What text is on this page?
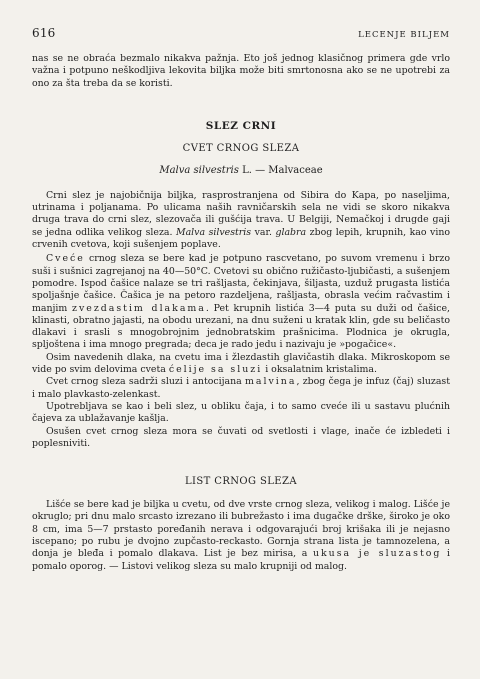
616	LECENJE BILJEM

nas se ne obraća bezmalo nikakva pažnja. Eto još jednog klasičnog primera gde vrlo važna i potpuno neškodljiva lekovita biljka može biti smrtonosna ako se ne upotrebi za ono za šta treba da se koristi.

SLEZ CRNI
CVET CRNOG SLEZA
Malva silvestris L. — Malvaceae

Crni slez je najobičnija biljka, rasprostranjena od Sibira do Kapa, po naseljima, utrinama i poljanama. Po ulicama naših ravničarskih sela ne vidi se skoro nikakva druga trava do crni slez, slezovača ili gušćija trava. U Belgiji, Nemačkoj i drugde gaji se jedna odlika velikog sleza. Malva silvestris var. glabra zbog lepih, krupnih, kao vino crvenih cvetova, koji sušenjem poplave.

Cveće crnog sleza se bere kad je potpuno rascvetano, po suvom vremenu i brzo suši i sušnici zagrejanoj na 40—50°C. Cvetovi su obično ružičasto-ljubičasti, a sušenjem pomodre. Ispod čašice nalaze se tri rašljasta, čekinjava, šiljasta, uzduž prugasta listića spoljašnje čašice. Čašica je na petoro razdeljena, rašljasta, obrasla većim račvastim i manjim zvezdastim dlakama. Pet krupnih listića 3—4 puta su duži od čašice, klinasti, obratno jajasti, na obodu urezani, na dnu suženi u kratak klin, gde su beličasto dlakavi i srasli s mnogobrojnim jednobratskim prašnicima. Plodnica je okrugla, spljoštena i ima mnogo pregrada; deca je rado jedu i nazivaju je »pogačice«.

Osim navedenih dlaka, na cvetu ima i žlezdastih glavičastih dlaka. Mikroskopom se vide po svim delovima cveta ćelije sa sluzi i oksalatnim kristalima.

Cvet crnog sleza sadrži sluzi i antocijana malvina, zbog čega je infuz (čaj) sluzast i malo plavkasto-zelenkast.

Upotrebljava se kao i beli slez, u obliku čaja, i to samo cveće ili u sastavu plućnih čajeva za ublažavanje kašlja.

Osušen cvet crnog sleza mora se čuvati od svetlosti i vlage, inače će izbledeti i poplesniviti.

LIST CRNOG SLEZA

Lišće se bere kad je biljka u cvetu, od dve vrste crnog sleza, velikog i malog. Lišće je okruglo; pri dnu malo srcasto izrezano ili bubrežasto i ima dugačke drške, široko je oko 8 cm, ima 5—7 prstasto poređanih nerava i odgovarajući broj krišaka ili je nejasno iscepano; po rubu je dvojno zupčasto-reckasto. Gornja strana lista je tamnozelena, a donja je bleđa i pomalo dlakava. List je bez mirisa, a ukusa je sluzastog i pomalo oporog. — Listovi velikog sleza su malo krupniji od malog.
